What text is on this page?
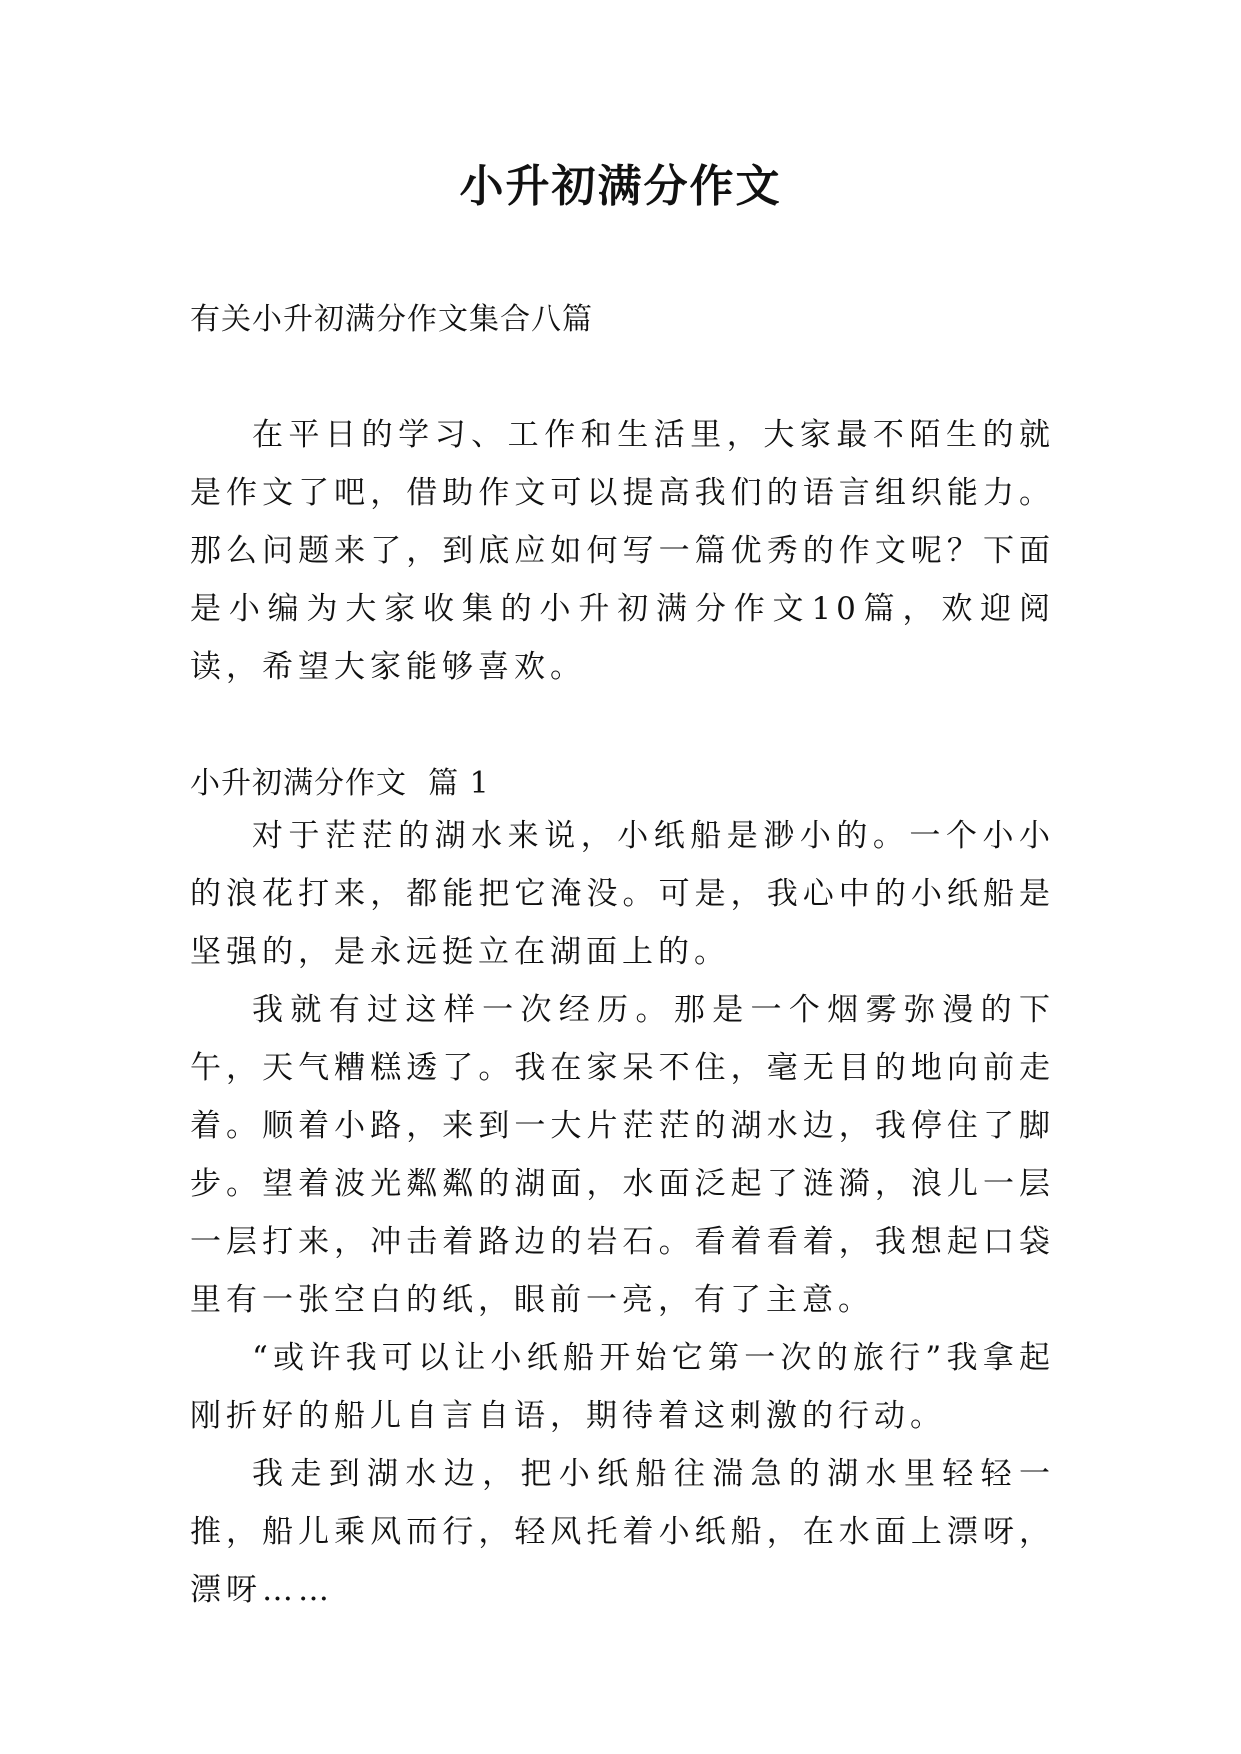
小升初满分作文
有关小升初满分作文集合八篇

在平日的学习、工作和生活里，大家最不陌生的就是作文了吧，借助作文可以提高我们的语言组织能力。那么问题来了，到底应如何写一篇优秀的作文呢？下面是小编为大家收集的小升初满分作文10篇，欢迎阅读，希望大家能够喜欢。

小升初满分作文  篇 1

对于茫茫的湖水来说，小纸船是渺小的。一个小小的浪花打来，都能把它淹没。可是，我心中的小纸船是坚强的，是永远挺立在湖面上的。

我就有过这样一次经历。那是一个烟雾弥漫的下午，天气糟糕透了。我在家呆不住，毫无目的地向前走着。顺着小路，来到一大片茫茫的湖水边，我停住了脚步。望着波光粼粼的湖面，水面泛起了涟漪，浪儿一层一层打来，冲击着路边的岩石。看着看着，我想起口袋里有一张空白的纸，眼前一亮，有了主意。

“或许我可以让小纸船开始它第一次的旅行”我拿起刚折好的船儿自言自语，期待着这刺激的行动。

我走到湖水边，把小纸船往湍急的湖水里轻轻一推，船儿乘风而行，轻风托着小纸船，在水面上漂呀，漂呀……
